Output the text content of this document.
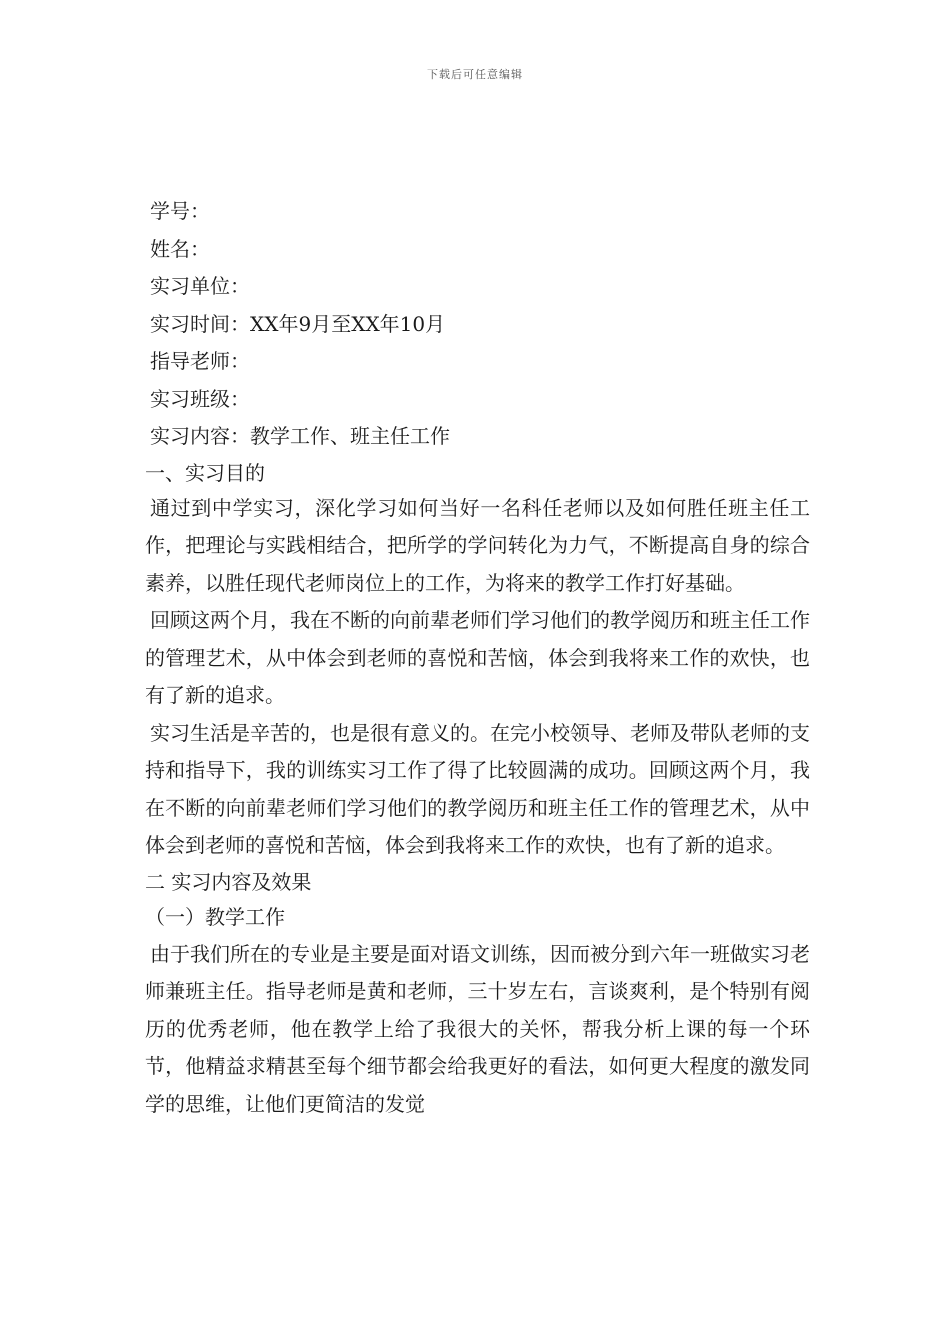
下载后可任意编辑
学号：
姓名：
实习单位：
实习时间：XX年9月至XX年10月
指导老师：
实习班级：
实习内容：教学工作、班主任工作
一、实习目的
通过到中学实习，深化学习如何当好一名科任老师以及如何胜任班主任工作，把理论与实践相结合，把所学的学问转化为力气，不断提高自身的综合素养，以胜任现代老师岗位上的工作，为将来的教学工作打好基础。
回顾这两个月，我在不断的向前辈老师们学习他们的教学阅历和班主任工作的管理艺术，从中体会到老师的喜悦和苦恼，体会到我将来工作的欢快，也有了新的追求。
实习生活是辛苦的，也是很有意义的。在完小校领导、老师及带队老师的支持和指导下，我的训练实习工作了得了比较圆满的成功。回顾这两个月，我在不断的向前辈老师们学习他们的教学阅历和班主任工作的管理艺术，从中体会到老师的喜悦和苦恼，体会到我将来工作的欢快，也有了新的追求。
二 实习内容及效果
（一）教学工作
由于我们所在的专业是主要是面对语文训练，因而被分到六年一班做实习老师兼班主任。指导老师是黄和老师，三十岁左右，言谈爽利，是个特别有阅历的优秀老师，他在教学上给了我很大的关怀，帮我分析上课的每一个环节，他精益求精甚至每个细节都会给我更好的看法，如何更大程度的激发同学的思维，让他们更简洁的发觉
